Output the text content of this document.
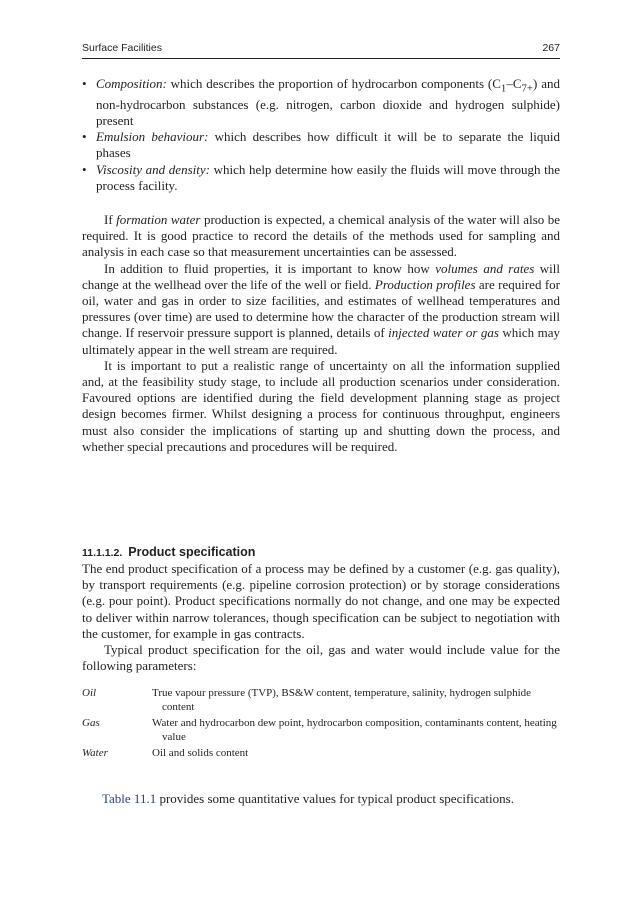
Surface Facilities	267
• Composition: which describes the proportion of hydrocarbon components $(C_1-C_{7+})$ and non-hydrocarbon substances (e.g. nitrogen, carbon dioxide and hydrogen sulphide) present
• Emulsion behaviour: which describes how difficult it will be to separate the liquid phases
• Viscosity and density: which help determine how easily the fluids will move through the process facility.

If formation water production is expected, a chemical analysis of the water will also be required. It is good practice to record the details of the methods used for sampling and analysis in each case so that measurement uncertainties can be assessed.

In addition to fluid properties, it is important to know how volumes and rates will change at the wellhead over the life of the well or field. Production profiles are required for oil, water and gas in order to size facilities, and estimates of wellhead temperatures and pressures (over time) are used to determine how the character of the production stream will change. If reservoir pressure support is planned, details of injected water or gas which may ultimately appear in the well stream are required.

It is important to put a realistic range of uncertainty on all the information supplied and, at the feasibility study stage, to include all production scenarios under consideration. Favoured options are identified during the field development planning stage as project design becomes firmer. Whilst designing a process for continuous throughput, engineers must also consider the implications of starting up and shutting down the process, and whether special precautions and procedures will be required.

11.1.1.2. Product specification

The end product specification of a process may be defined by a customer (e.g. gas quality), by transport requirements (e.g. pipeline corrosion protection) or by storage considerations (e.g. pour point). Product specifications normally do not change, and one may be expected to deliver within narrow tolerances, though specification can be subject to negotiation with the customer, for example in gas contracts.

Typical product specification for the oil, gas and water would include value for the following parameters:

Oil	True vapour pressure (TVP), BS&W content, temperature, salinity, hydrogen sulphide content
Gas	Water and hydrocarbon dew point, hydrocarbon composition, contaminants content, heating value
Water	Oil and solids content
Table 11.1 provides some quantitative values for typical product specifications.
